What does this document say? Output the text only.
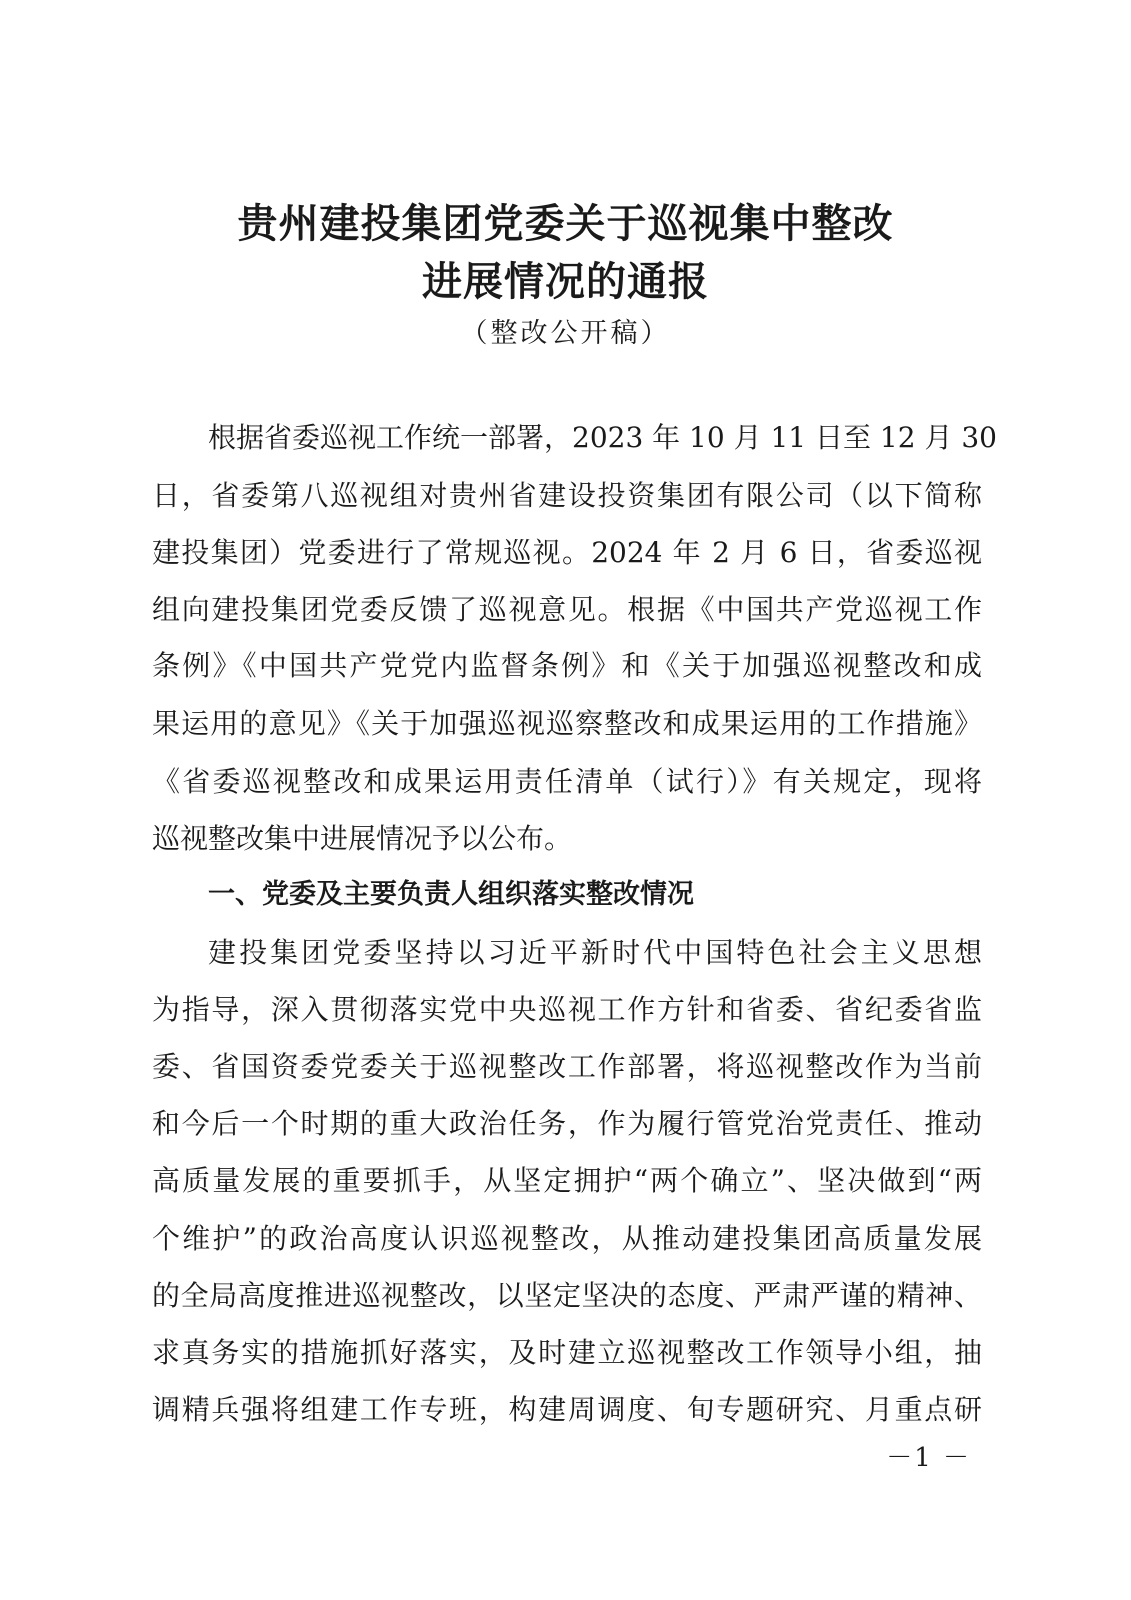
贵州建投集团党委关于巡视集中整改
进展情况的通报
（整改公开稿）
根据省委巡视工作统一部署，2023 年 10 月 11 日至 12 月 30
日，省委第八巡视组对贵州省建设投资集团有限公司（以下简称
建投集团）党委进行了常规巡视。2024 年 2 月 6 日，省委巡视
组向建投集团党委反馈了巡视意见。根据《中国共产党巡视工作
条例》《中国共产党党内监督条例》和《关于加强巡视整改和成
果运用的意见》《关于加强巡视巡察整改和成果运用的工作措施》
《省委巡视整改和成果运用责任清单（试行）》有关规定，现将
巡视整改集中进展情况予以公布。
一、党委及主要负责人组织落实整改情况
建投集团党委坚持以习近平新时代中国特色社会主义思想
为指导，深入贯彻落实党中央巡视工作方针和省委、省纪委省监
委、省国资委党委关于巡视整改工作部署，将巡视整改作为当前
和今后一个时期的重大政治任务，作为履行管党治党责任、推动
高质量发展的重要抓手，从坚定拥护“两个确立”、坚决做到“两
个维护”的政治高度认识巡视整改，从推动建投集团高质量发展
的全局高度推进巡视整改，以坚定坚决的态度、严肃严谨的精神、
求真务实的措施抓好落实，及时建立巡视整改工作领导小组，抽
调精兵强将组建工作专班，构建周调度、旬专题研究、月重点研
－1 －
